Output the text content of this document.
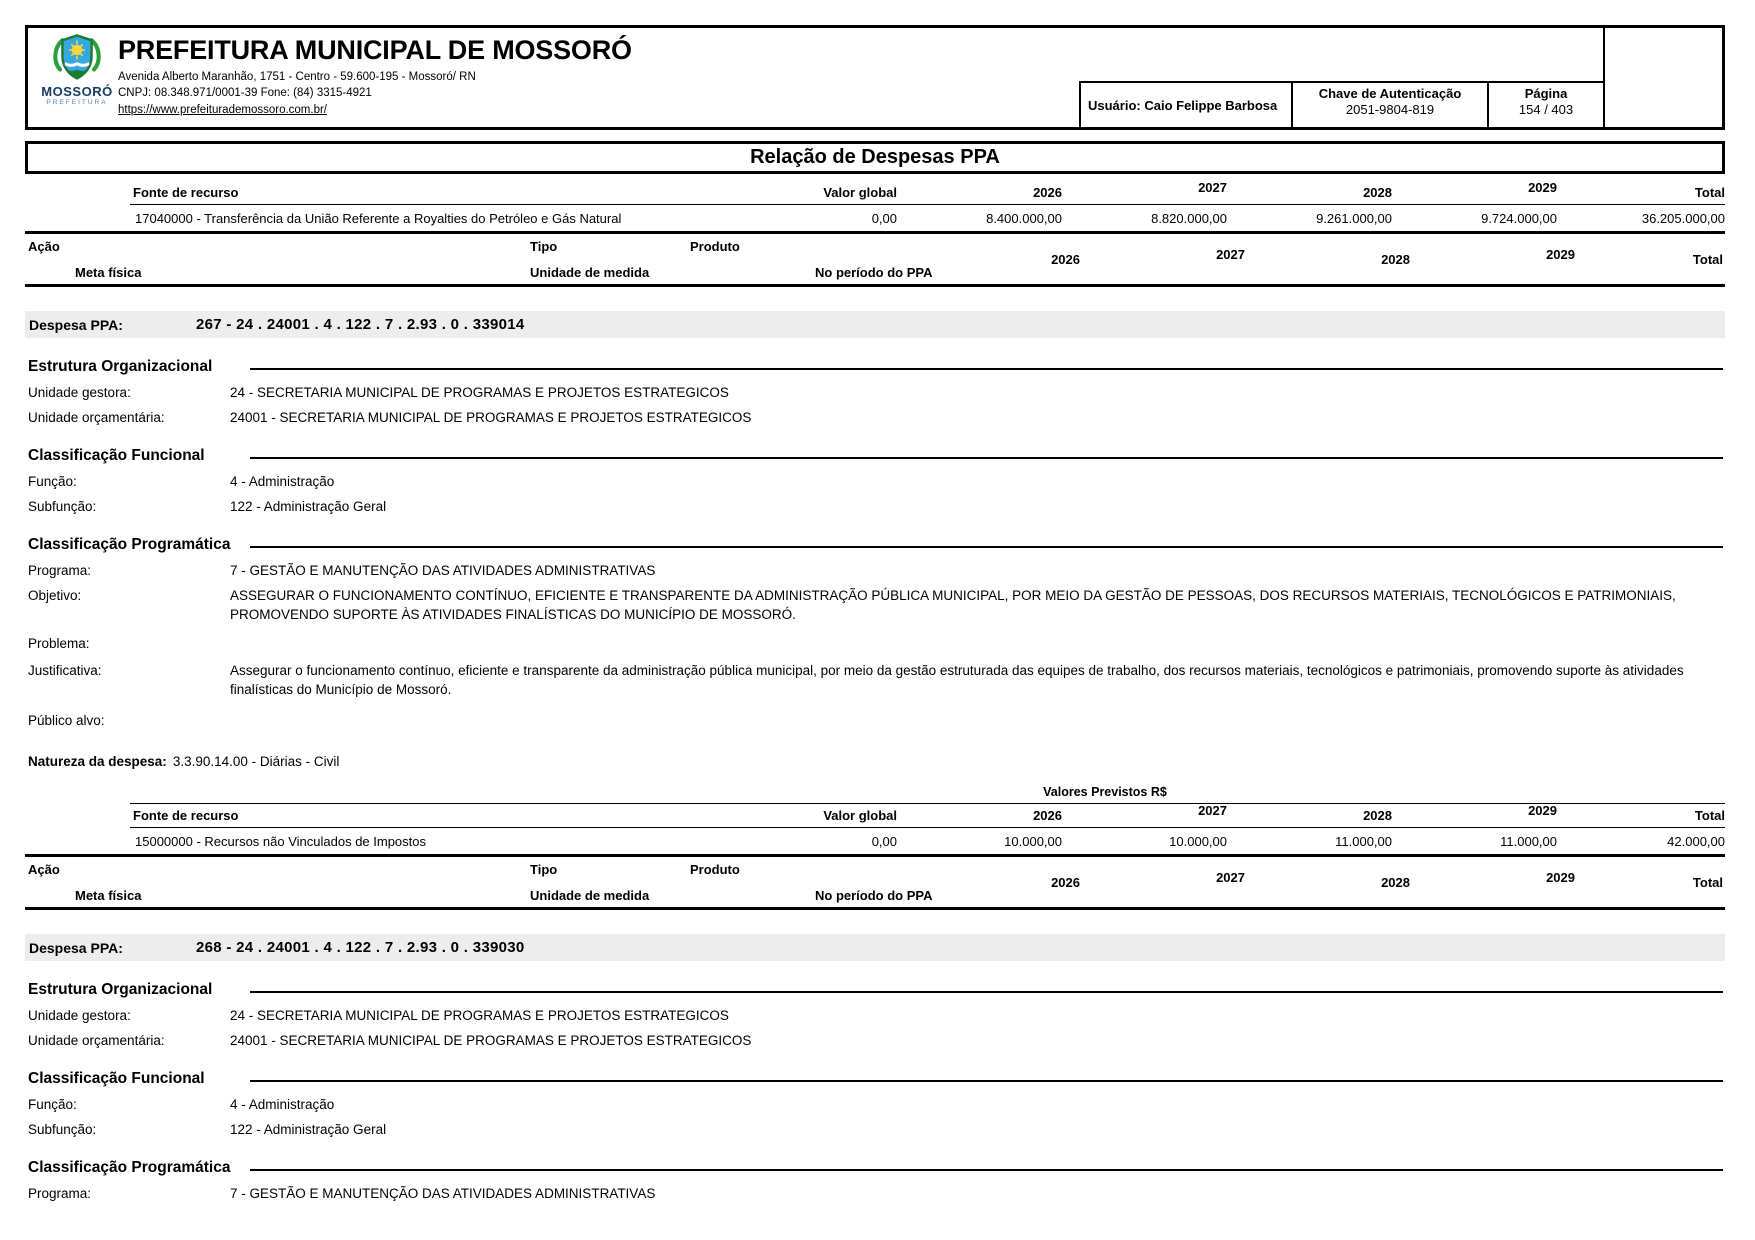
MOSSORÓ
PREFEITURA
PREFEITURA MUNICIPAL DE MOSSORÓ
Avenida Alberto Maranhão, 1751 - Centro - 59.600-195 - Mossoró/ RN
CNPJ: 08.348.971/0001-39 Fone: (84) 3315-4921
https://www.prefeiturademossoro.com.br/	Usuário: Caio Felippe Barbosa
Chave de Autenticação
2051-9804-819
Página
154 / 403
Relação de Despesas PPA
Fonte de recurso	Valor global	2026	2027	2028	2029	Total
17040000 - Transferência da União Referente a Royalties do Petróleo e Gás Natural	0,00	8.400.000,00	8.820.000,00	9.261.000,00	9.724.000,00	36.205.000,00
Ação	Tipo	Produto
2026	2027	2028	2029	Total
Meta física	Unidade de medida	No período do PPA
Despesa PPA:	267 - 24 . 24001 . 4 . 122 . 7 . 2.93 . 0 . 339014
Estrutura Organizacional
Unidade gestora:	24 - SECRETARIA MUNICIPAL DE PROGRAMAS E PROJETOS ESTRATEGICOS
Unidade orçamentária:	24001 - SECRETARIA MUNICIPAL DE PROGRAMAS E PROJETOS ESTRATEGICOS
Classificação Funcional
Função:	4 - Administração
Subfunção:	122 - Administração Geral
Classificação Programática
Programa:	7 - GESTÃO E MANUTENÇÃO DAS ATIVIDADES ADMINISTRATIVAS
Objetivo:	ASSEGURAR O FUNCIONAMENTO CONTÍNUO, EFICIENTE E TRANSPARENTE DA ADMINISTRAÇÃO PÚBLICA MUNICIPAL, POR MEIO DA GESTÃO DE PESSOAS, DOS RECURSOS MATERIAIS, TECNOLÓGICOS E PATRIMONIAIS, PROMOVENDO SUPORTE ÀS ATIVIDADES FINALÍSTICAS DO MUNICÍPIO DE MOSSORÓ.
Problema:
Justificativa:	Assegurar o funcionamento contínuo, eficiente e transparente da administração pública municipal, por meio da gestão estruturada das equipes de trabalho, dos recursos materiais, tecnológicos e patrimoniais, promovendo suporte às atividades finalísticas do Município de Mossoró.
Público alvo:
Natureza da despesa: 3.3.90.14.00 - Diárias - Civil
Valores Previstos R$
Fonte de recurso	Valor global	2026	2027	2028	2029	Total
15000000 - Recursos não Vinculados de Impostos	0,00	10.000,00	10.000,00	11.000,00	11.000,00	42.000,00
Ação	Tipo	Produto
2026	2027	2028	2029	Total
Meta física	Unidade de medida	No período do PPA
Despesa PPA:	268 - 24 . 24001 . 4 . 122 . 7 . 2.93 . 0 . 339030
Estrutura Organizacional
Unidade gestora:	24 - SECRETARIA MUNICIPAL DE PROGRAMAS E PROJETOS ESTRATEGICOS
Unidade orçamentária:	24001 - SECRETARIA MUNICIPAL DE PROGRAMAS E PROJETOS ESTRATEGICOS
Classificação Funcional
Função:	4 - Administração
Subfunção:	122 - Administração Geral
Classificação Programática
Programa:	7 - GESTÃO E MANUTENÇÃO DAS ATIVIDADES ADMINISTRATIVAS
